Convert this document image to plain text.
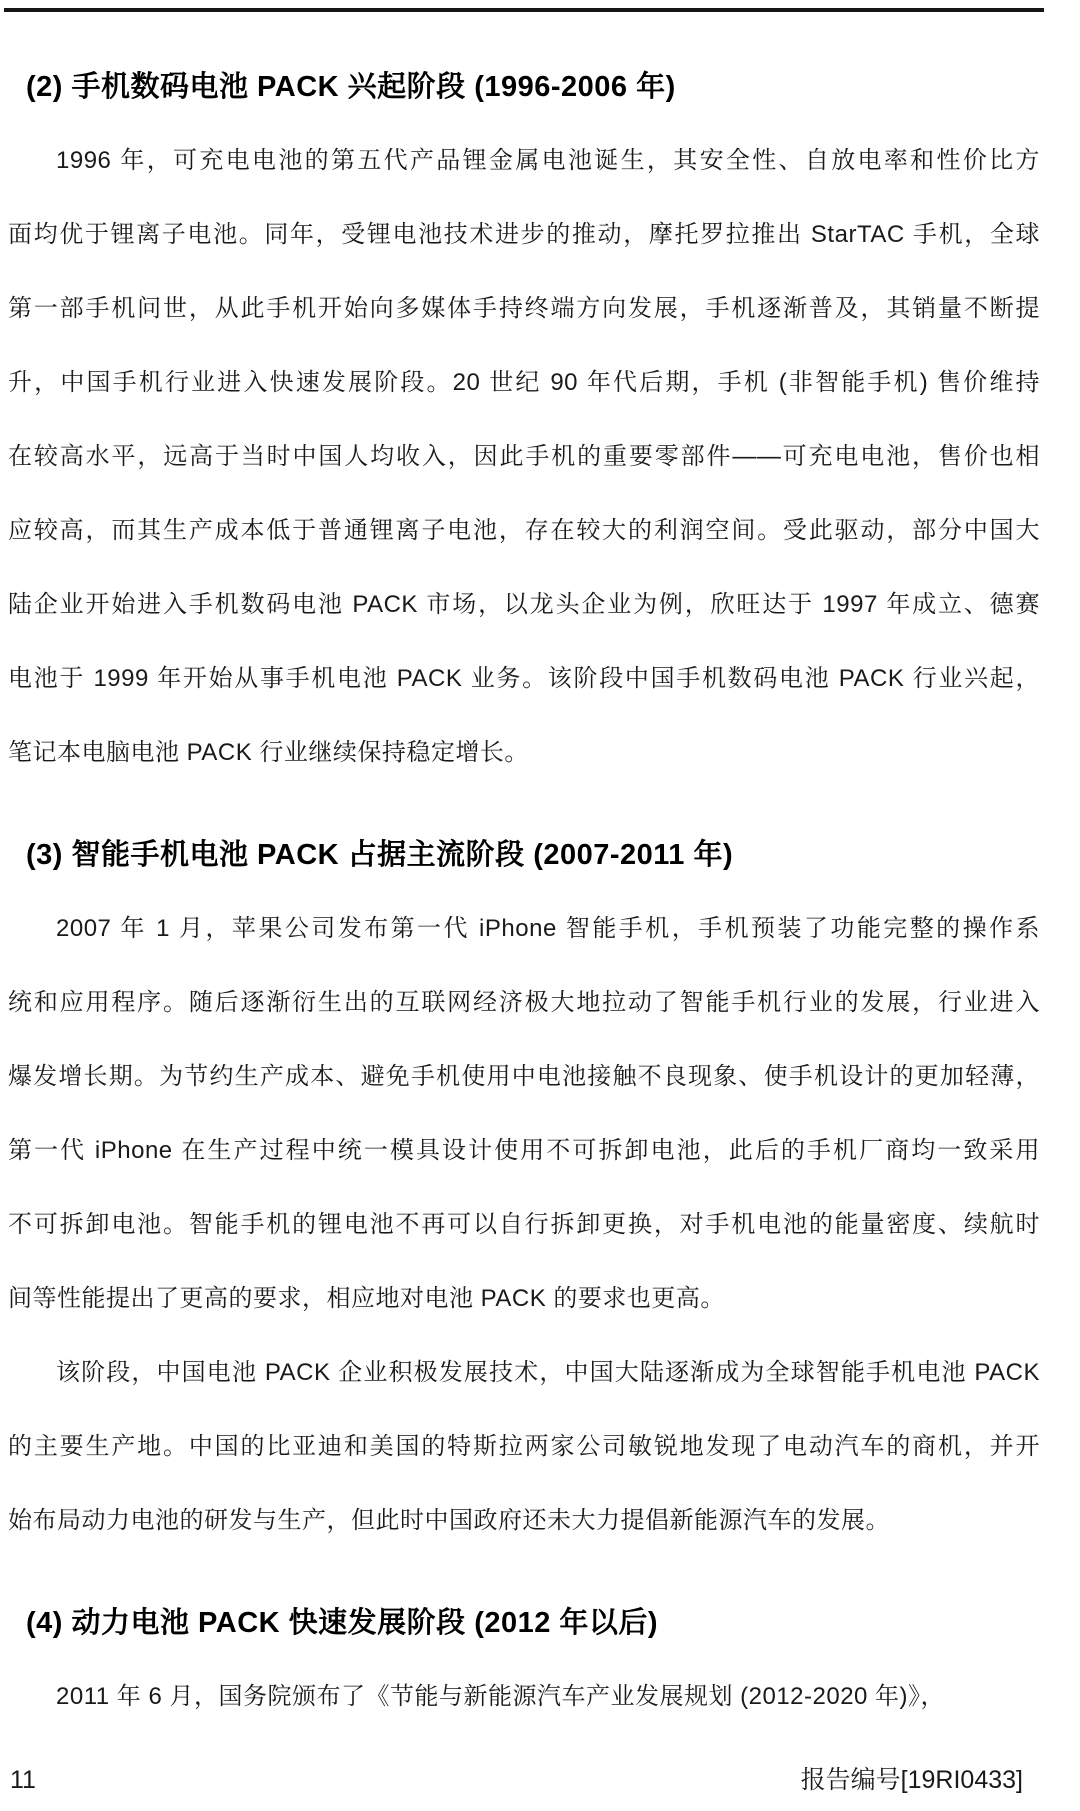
(2) 手机数码电池 PACK 兴起阶段 (1996-2006 年)
1996 年，可充电电池的第五代产品锂金属电池诞生，其安全性、自放电率和性价比方
面均优于锂离子电池。同年，受锂电池技术进步的推动，摩托罗拉推出 StarTAC 手机，全球
第一部手机问世，从此手机开始向多媒体手持终端方向发展，手机逐渐普及，其销量不断提
升，中国手机行业进入快速发展阶段。20 世纪 90 年代后期，手机 (非智能手机) 售价维持
在较高水平，远高于当时中国人均收入，因此手机的重要零部件——可充电电池，售价也相
应较高，而其生产成本低于普通锂离子电池，存在较大的利润空间。受此驱动，部分中国大
陆企业开始进入手机数码电池 PACK 市场，以龙头企业为例，欣旺达于 1997 年成立、德赛
电池于 1999 年开始从事手机电池 PACK 业务。该阶段中国手机数码电池 PACK 行业兴起，
笔记本电脑电池 PACK 行业继续保持稳定增长。
(3) 智能手机电池 PACK 占据主流阶段 (2007-2011 年)
2007 年 1 月，苹果公司发布第一代 iPhone 智能手机，手机预装了功能完整的操作系
统和应用程序。随后逐渐衍生出的互联网经济极大地拉动了智能手机行业的发展，行业进入
爆发增长期。为节约生产成本、避免手机使用中电池接触不良现象、使手机设计的更加轻薄，
第一代 iPhone 在生产过程中统一模具设计使用不可拆卸电池，此后的手机厂商均一致采用
不可拆卸电池。智能手机的锂电池不再可以自行拆卸更换，对手机电池的能量密度、续航时
间等性能提出了更高的要求，相应地对电池 PACK 的要求也更高。
该阶段，中国电池 PACK 企业积极发展技术，中国大陆逐渐成为全球智能手机电池 PACK
的主要生产地。中国的比亚迪和美国的特斯拉两家公司敏锐地发现了电动汽车的商机，并开
始布局动力电池的研发与生产，但此时中国政府还未大力提倡新能源汽车的发展。
(4) 动力电池 PACK 快速发展阶段 (2012 年以后)
2011 年 6 月，国务院颁布了《节能与新能源汽车产业发展规划 (2012-2020 年)》，
11	报告编号[19RI0433]
